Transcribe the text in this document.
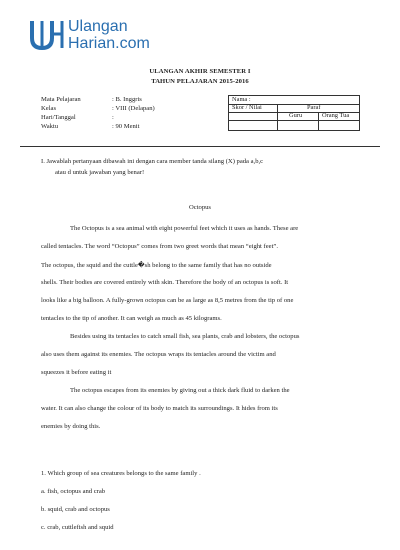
Ulangan
Harian.com
ULANGAN AKHIR SEMESTER I
TAHUN PELAJARAN 2015-2016
Mata Pelajaran	: B. Inggris
Kelas	: VIII (Delapan)
Hari/Tanggal	:
Waktu	: 90 Menit
Nama :
Skor / Nilai	Paraf
Guru	Orang Tua
I. Jawablah pertanyaan dibawah ini dengan cara member tanda silang (X) pada a,b,c
atau d untuk jawaban yang benar!
Octopus
The Octopus is a sea animal with eight powerful feet which it uses as hands. These are
called tentacles. The word “Octopus” comes from two greet words that mean “eight feet”.
The octopus, the squid and the cuttle�sh belong to the same family that has no outside
shells. Their bodies are covered entirely with skin. Therefore the body of an octopus is soft. It
looks like a big balloon. A fully-grown octopus can be as large as 8,5 metres from the tip of one
tentacles to the tip of another. It can weigh as much as 45 kilograms.
Besides using its tentacles to catch small fish, sea plants, crab and lobsters, the octopus
also uses them against its enemies. The octopus wraps its tentacles around the victim and
squeezes it before eating it
The octopus escapes from its enemies by giving out a thick dark fluid to darken the
water. It can also change the colour of its body to match its surroundings. It hides from its
enemies by doing this.
1. Which group of sea creatures belongs to the same family .
a. fish, octopus and crab
b. squid, crab and octopus
c. crab, cuttlefish and squid
